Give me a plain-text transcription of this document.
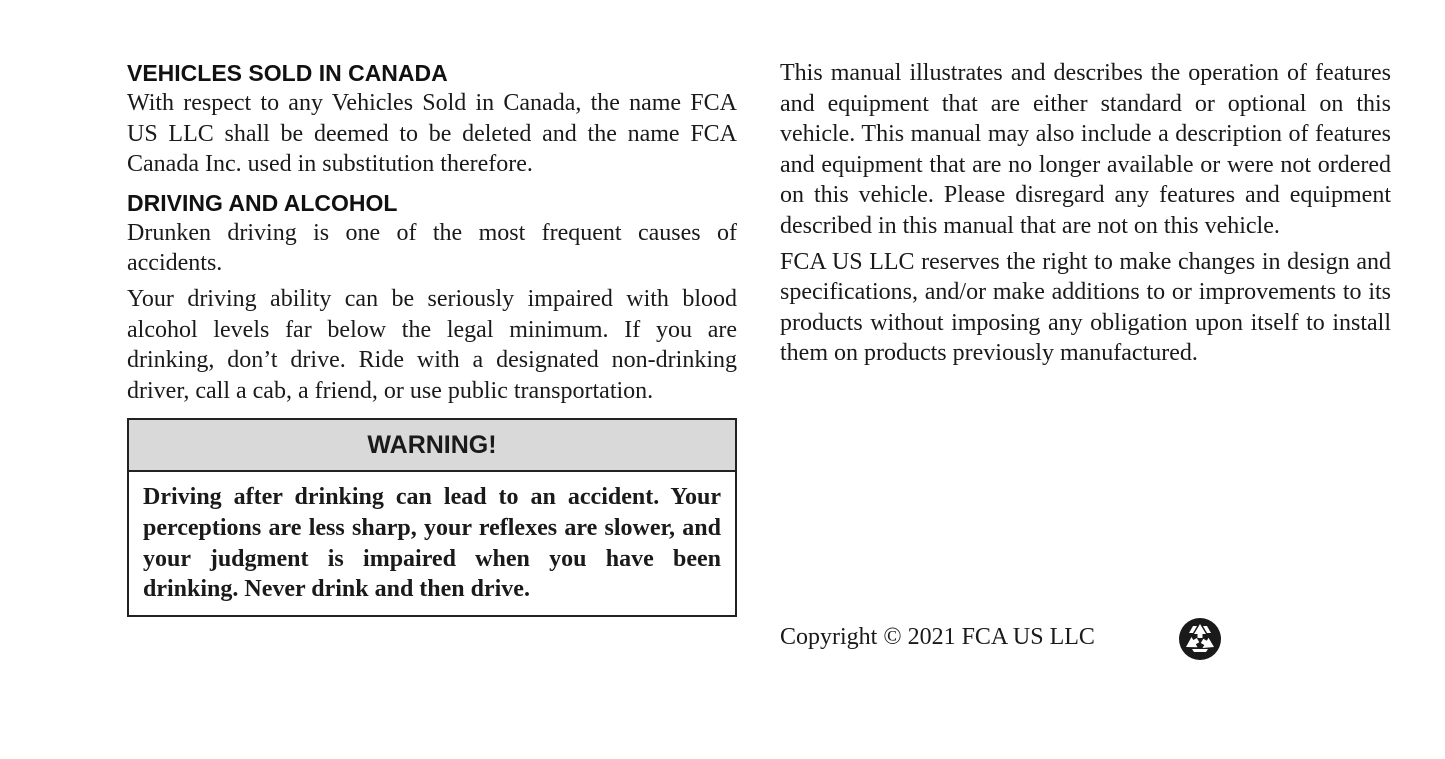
VEHICLES SOLD IN CANADA

With respect to any Vehicles Sold in Canada, the name FCA US LLC shall be deemed to be deleted and the name FCA Canada Inc. used in substitution therefore.

DRIVING AND ALCOHOL

Drunken driving is one of the most frequent causes of accidents.

Your driving ability can be seriously impaired with blood alcohol levels far below the legal minimum. If you are drinking, don’t drive. Ride with a designated non-drinking driver, call a cab, a friend, or use public transportation.

WARNING!
Driving after drinking can lead to an accident. Your perceptions are less sharp, your reflexes are slower, and your judgment is impaired when you have been drinking. Never drink and then drive.

This manual illustrates and describes the operation of features and equipment that are either standard or optional on this vehicle. This manual may also include a description of features and equipment that are no longer available or were not ordered on this vehicle. Please disregard any features and equipment described in this manual that are not on this vehicle.

FCA US LLC reserves the right to make changes in design and specifications, and/or make additions to or improvements to its products without imposing any obligation upon itself to install them on products previously manufactured.

Copyright © 2021 FCA US LLC
